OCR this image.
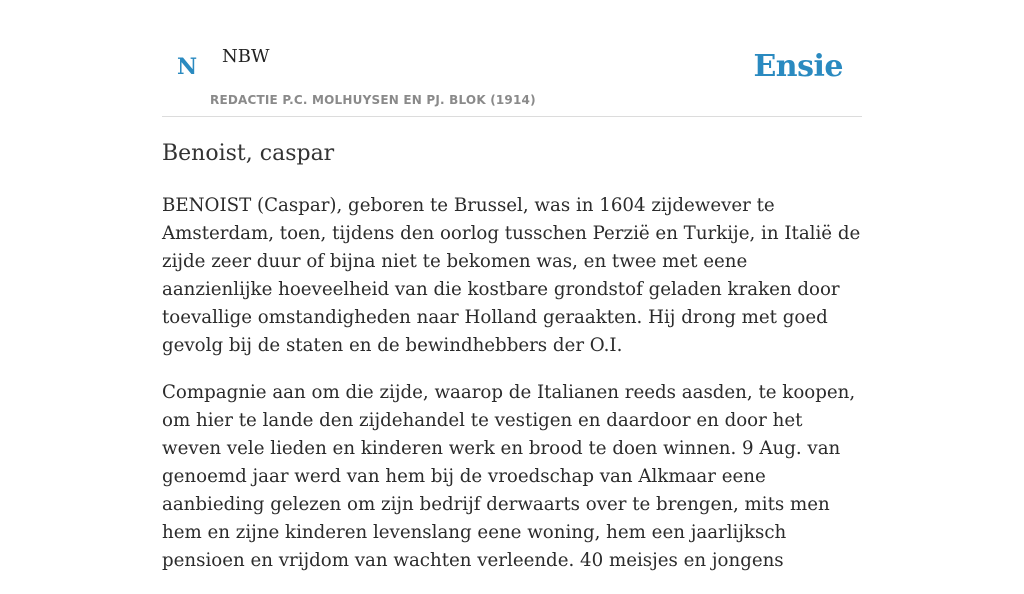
N NBW
REDACTIE P.C. MOLHUYSEN EN PJ. BLOK (1914)
Ensie
Benoist, caspar

BENOIST (Caspar), geboren te Brussel, was in 1604 zijdewever te Amsterdam, toen, tijdens den oorlog tusschen Perzië en Turkije, in Italië de zijde zeer duur of bijna niet te bekomen was, en twee met eene aanzienlijke hoeveelheid van die kostbare grondstof geladen kraken door toevallige omstandigheden naar Holland geraakten. Hij drong met goed gevolg bij de staten en de bewindhebbers der O.I.

Compagnie aan om die zijde, waarop de Italianen reeds aasden, te koopen, om hier te lande den zijdehandel te vestigen en daardoor en door het weven vele lieden en kinderen werk en brood te doen winnen. 9 Aug. van genoemd jaar werd van hem bij de vroedschap van Alkmaar eene aanbieding gelezen om zijn bedrijf derwaarts over te brengen, mits men hem en zijne kinderen levenslang eene woning, hem een jaarlijksch pensioen en vrijdom van wachten verleende. 40 meisjes en jongens
